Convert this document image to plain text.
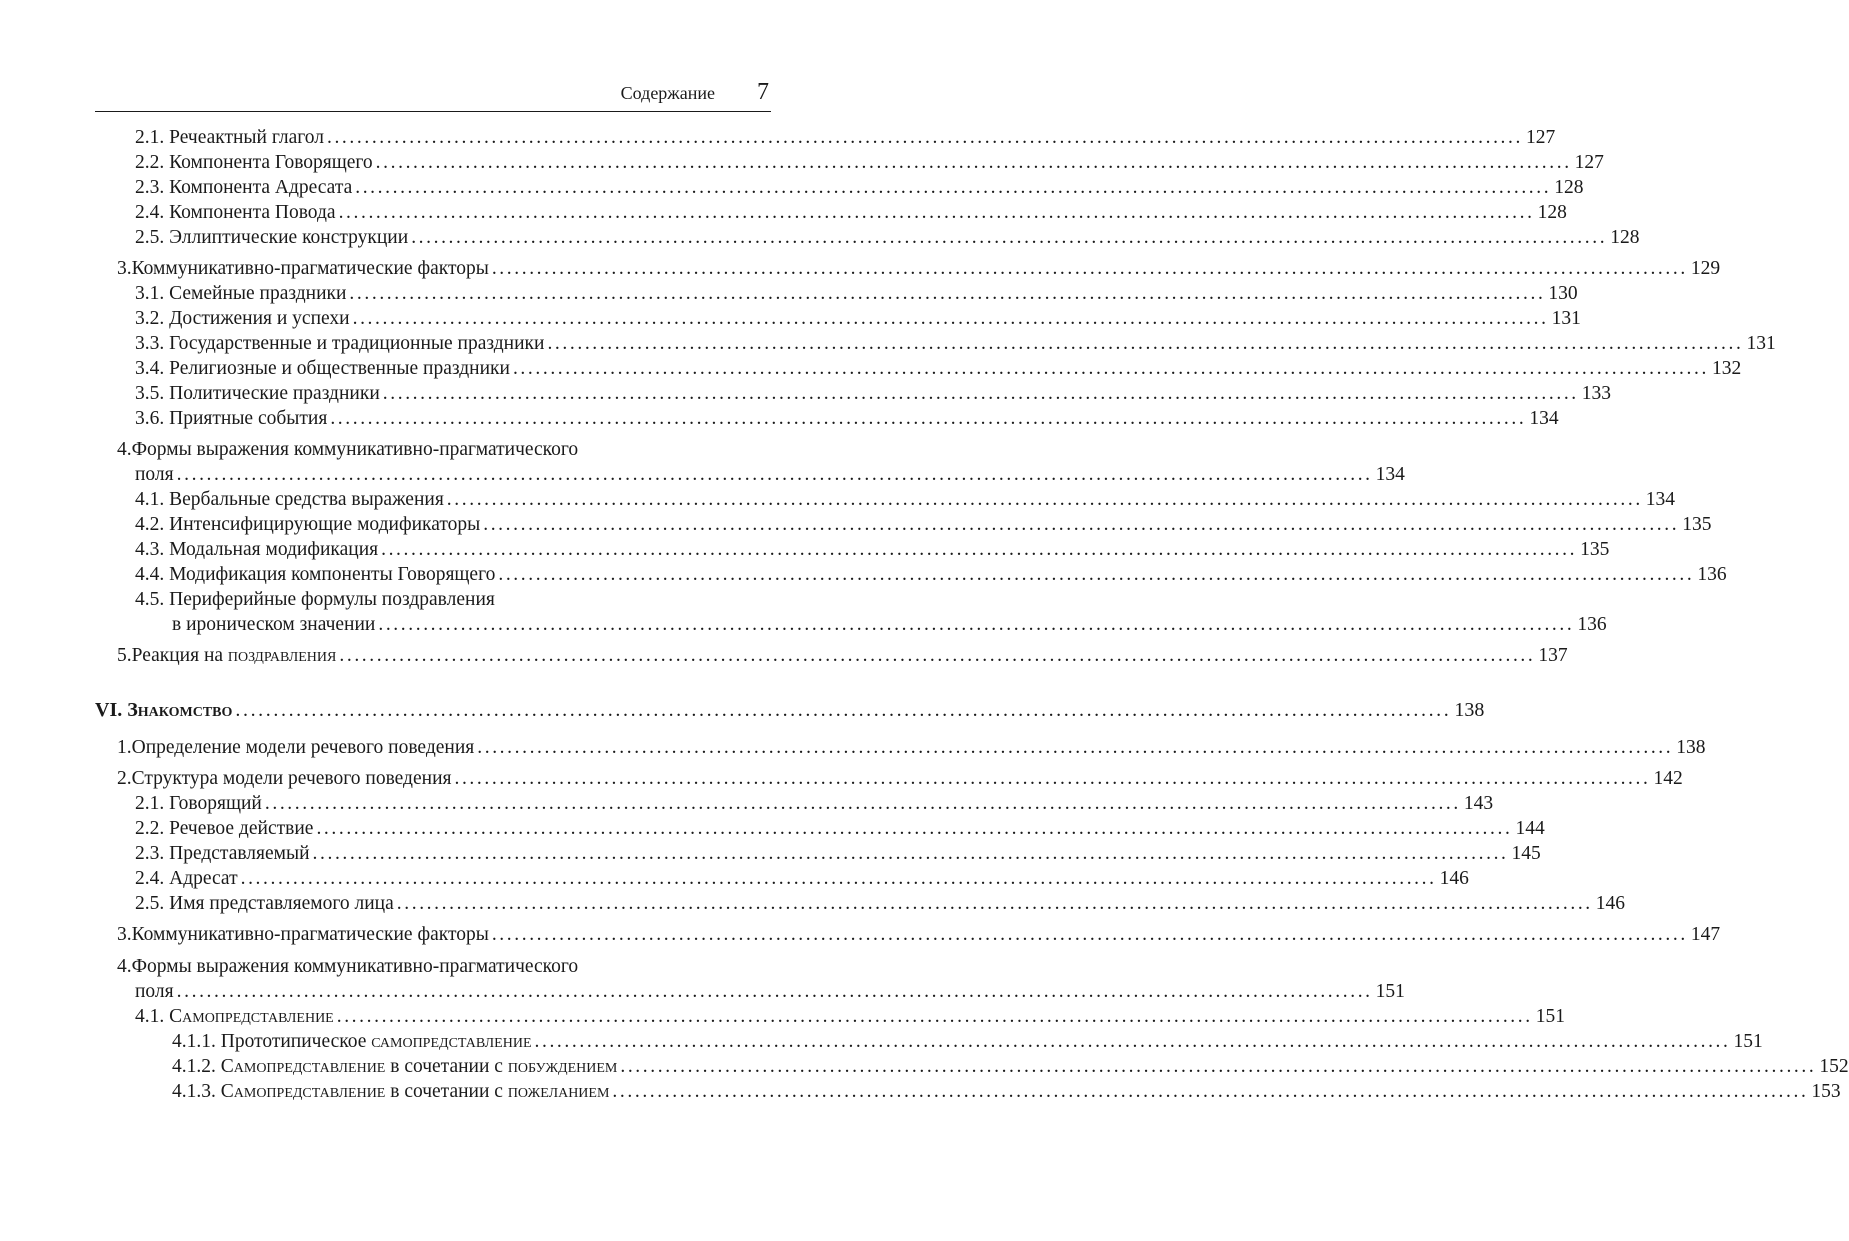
Содержание 7
2.1. Речеактный глагол ................................................................................................................................................................ 127
2.2. Компонента Говорящего ................................................................................................................................................................ 127
2.3. Компонента Адресата ................................................................................................................................................................ 128
2.4. Компонента Повода ................................................................................................................................................................ 128
2.5. Эллиптические конструкции ................................................................................................................................................................ 128
3.Коммуникативно-прагматические факторы ................................................................................................................................................................ 129
3.1. Семейные праздники ................................................................................................................................................................ 130
3.2. Достижения и успехи ................................................................................................................................................................ 131
3.3. Государственные и традиционные праздники ................................................................................................................................................................ 131
3.4. Религиозные и общественные праздники ................................................................................................................................................................ 132
3.5. Политические праздники ................................................................................................................................................................ 133
3.6. Приятные события ................................................................................................................................................................ 134
4.Формы выражения коммуникативно-прагматического
поля ................................................................................................................................................................ 134
4.1. Вербальные средства выражения ................................................................................................................................................................ 134
4.2. Интенсифицирующие модификаторы ................................................................................................................................................................ 135
4.3. Модальная модификация ................................................................................................................................................................ 135
4.4. Модификация компоненты Говорящего ................................................................................................................................................................ 136
4.5. Периферийные формулы поздравления
в ироническом значении ................................................................................................................................................................ 136
5.Реакция на поздравления ................................................................................................................................................................ 137
VI. Знакомство ................................................................................................................................................................ 138
1.Определение модели речевого поведения ................................................................................................................................................................ 138
2.Структура модели речевого поведения ................................................................................................................................................................ 142
2.1. Говорящий ................................................................................................................................................................ 143
2.2. Речевое действие ................................................................................................................................................................ 144
2.3. Представляемый ................................................................................................................................................................ 145
2.4. Адресат ................................................................................................................................................................ 146
2.5. Имя представляемого лица ................................................................................................................................................................ 146
3.Коммуникативно-прагматические факторы ................................................................................................................................................................ 147
4.Формы выражения коммуникативно-прагматического
поля ................................................................................................................................................................ 151
4.1. Самопредставление ................................................................................................................................................................ 151
4.1.1. Прототипическое самопредставление ................................................................................................................................................................ 151
4.1.2. Самопредставление в сочетании с побуждением ................................................................................................................................................................ 152
4.1.3. Самопредставление в сочетании с пожеланием ................................................................................................................................................................ 153
